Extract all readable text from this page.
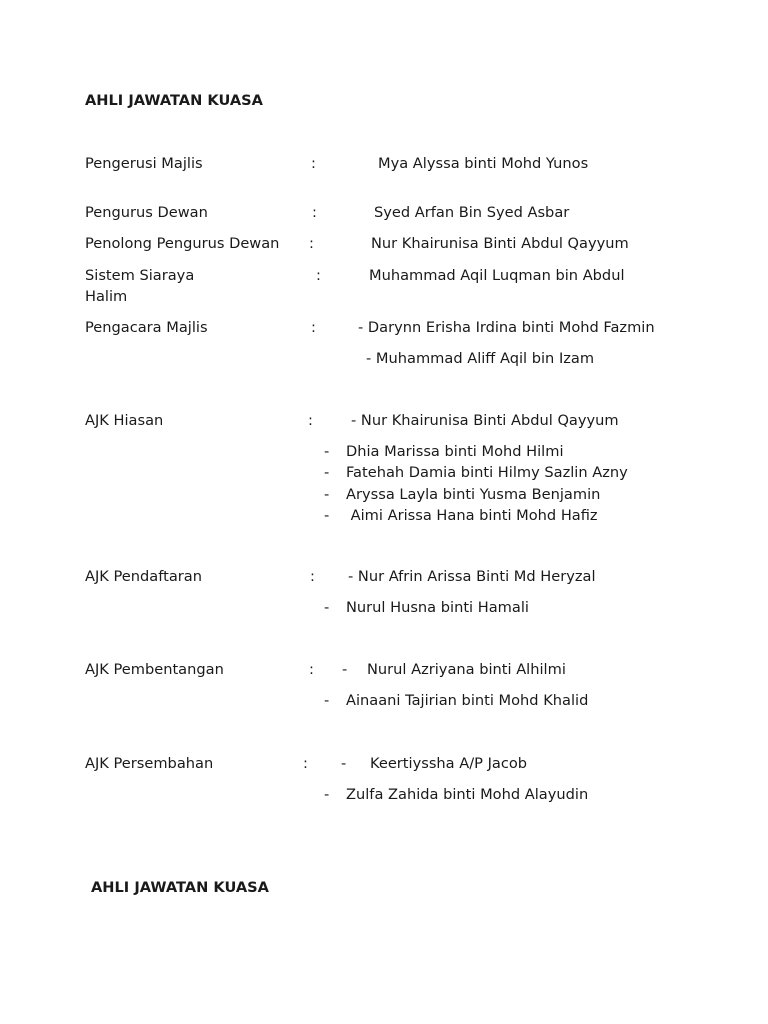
AHLI JAWATAN KUASA
Pengerusi Majlis	:	Mya Alyssa binti Mohd Yunos
Pengurus Dewan	:	Syed Arfan Bin Syed Asbar
Penolong Pengurus Dewan :	Nur Khairunisa Binti Abdul Qayyum
Sistem Siaraya	:	Muhammad Aqil Luqman bin Abdul
Halim
Pengacara Majlis	:	- Darynn Erisha Irdina binti Mohd Fazmin
- Muhammad Aliff Aqil bin Izam
AJK Hiasan	:	- Nur Khairunisa Binti Abdul Qayyum
- Dhia Marissa binti Mohd Hilmi
- Fatehah Damia binti Hilmy Sazlin Azny
- Aryssa Layla binti Yusma Benjamin
- Aimi Arissa Hana binti Mohd Hafiz
AJK Pendaftaran	: - Nur Afrin Arissa Binti Md Heryzal
- Nurul Husna binti Hamali
AJK Pembentangan	: - Nurul Azriyana binti Alhilmi
- Ainaani Tajirian binti Mohd Khalid
AJK Persembahan	: - Keertiyssha A/P Jacob
- Zulfa Zahida binti Mohd Alayudin
AHLI JAWATAN KUASA
